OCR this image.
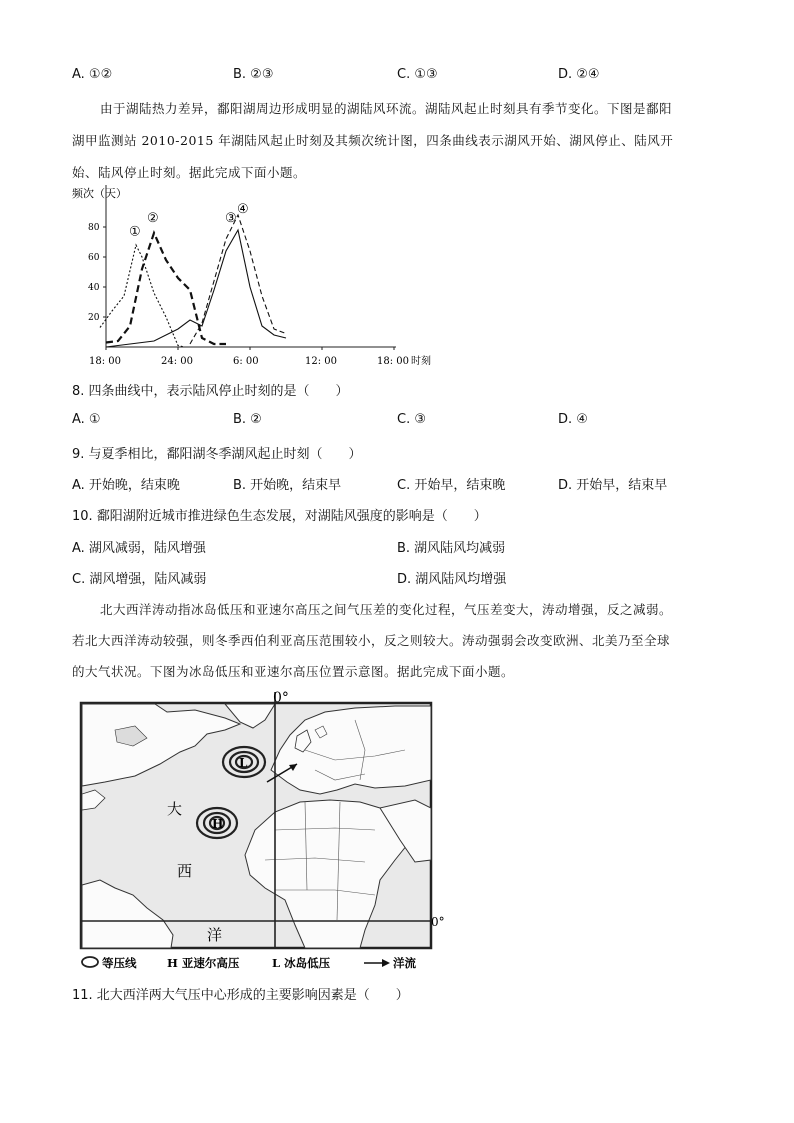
A. ①②	B. ②③	C. ①③	D. ②④
由于湖陆热力差异，鄱阳湖周边形成明显的湖陆风环流。湖陆风起止时刻具有季节变化。下图是鄱阳
湖甲监测站 2010-2015 年湖陆风起止时刻及其频次统计图，四条曲线表示湖风开始、湖风停止、陆风开
始、陆风停止时刻。据此完成下面小题。
频次（天）
20
40
60
80
18: 00	24: 00	6: 00	12: 00	18: 00 时刻
①
②	③
④
8. 四条曲线中，表示陆风停止时刻的是（　　）
A. ①	B. ②	C. ③	D. ④
9. 与夏季相比，鄱阳湖冬季湖风起止时刻（　　）
A. 开始晚，结束晚	B. 开始晚，结束早	C. 开始早，结束晚	D. 开始早，结束早
10. 鄱阳湖附近城市推进绿色生态发展，对湖陆风强度的影响是（　　）
A. 湖风减弱，陆风增强	B. 湖风陆风均减弱
C. 湖风增强，陆风减弱	D. 湖风陆风均增强
北大西洋涛动指冰岛低压和亚速尔高压之间气压差的变化过程，气压差变大，涛动增强，反之减弱。
若北大西洋涛动较强，则冬季西伯利亚高压范围较小，反之则较大。涛动强弱会改变欧洲、北美乃至全球
的大气状况。下图为冰岛低压和亚速尔高压位置示意图。据此完成下面小题。
0°
0°
L
H
大
西
洋
等压线	H 亚速尔高压	L 冰岛低压	洋流
11. 北大西洋两大气压中心形成的主要影响因素是（　　）
